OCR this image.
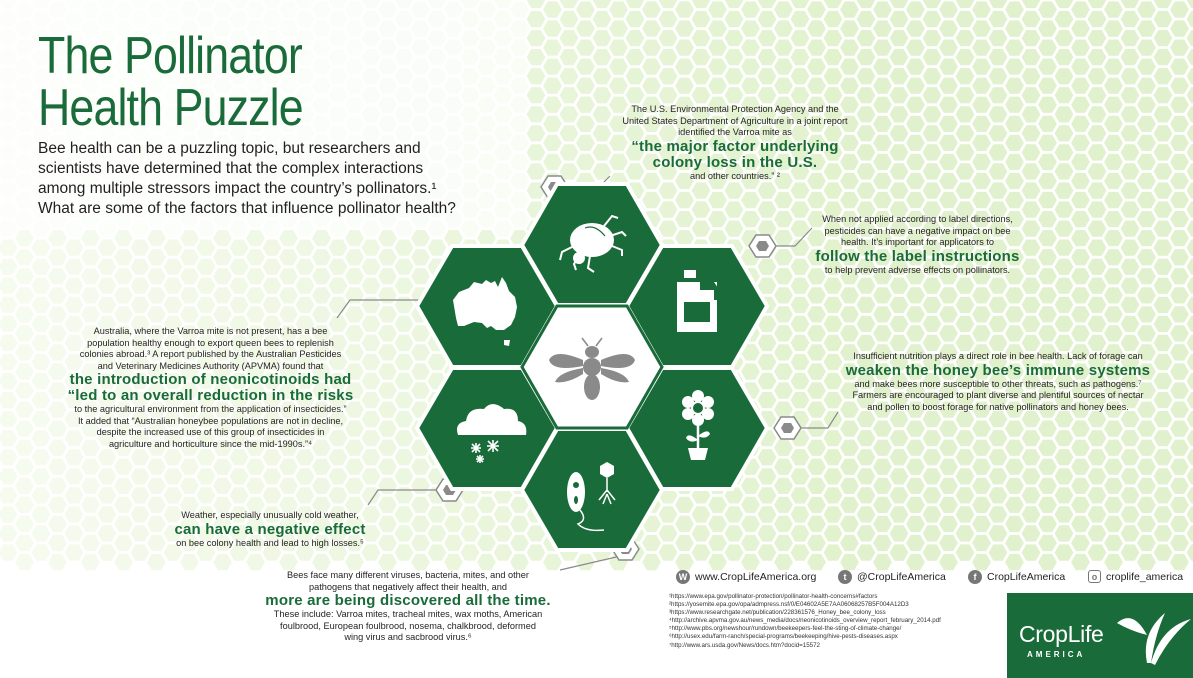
The Pollinator
Health Puzzle
Bee health can be a puzzling topic, but researchers and
scientists have determined that the complex interactions
among multiple stressors impact the country’s pollinators.¹
What are some of the factors that influence pollinator health?
The U.S. Environmental Protection Agency and the
United States Department of Agriculture in a joint report
identified the Varroa mite as
“the major factor underlying
colony loss in the U.S.
and other countries.” ²
When not applied according to label directions,
pesticides can have a negative impact on bee
health. It’s important for applicators to
follow the label instructions
to help prevent adverse effects on pollinators.
Australia, where the Varroa mite is not present, has a bee
population healthy enough to export queen bees to replenish
colonies abroad.³ A report published by the Australian Pesticides
and Veterinary Medicines Authority (APVMA) found that
the introduction of neonicotinoids had
“led to an overall reduction in the risks
to the agricultural environment from the application of insecticides.”
It added that “Australian honeybee populations are not in decline,
despite the increased use of this group of insecticides in
agriculture and horticulture since the mid-1990s.”⁴
Insufficient nutrition plays a direct role in bee health. Lack of forage can
weaken the honey bee’s immune systems
and make bees more susceptible to other threats, such as pathogens.⁷
Farmers are encouraged to plant diverse and plentiful sources of nectar
and pollen to boost forage for native pollinators and honey bees.
Weather, especially unusually cold weather,
can have a negative effect
on bee colony health and lead to high losses.⁵
Bees face many different viruses, bacteria, mites, and other
pathogens that negatively affect their health, and
more are being discovered all the time.
These include: Varroa mites, tracheal mites, wax moths, American
foulbrood, European foulbrood, nosema, chalkbrood, deformed
wing virus and sacbrood virus.⁶
W www.CropLifeAmerica.org	t	@CropLifeAmerica	f	CropLifeAmerica	o croplife_america
¹https://www.epa.gov/pollinator-protection/pollinator-health-concerns#factors
²https://yosemite.epa.gov/opa/admpress.nsf/0/E04602A5E7AA06068257B5F004A12D3
³https://www.researchgate.net/publication/228361576_Honey_bee_colony_loss
⁴http://archive.apvma.gov.au/news_media/docs/neonicotinoids_overview_report_february_2014.pdf
⁵http://www.pbs.org/newshour/rundown/beekeepers-feel-the-sting-of-climate-change/
⁶http://usex.edu/farm-ranch/special-programs/beekeeping/hive-pests-diseases.aspx
⁷http://www.ars.usda.gov/News/docs.htm?docid=15572	CropLife
AMERICA
